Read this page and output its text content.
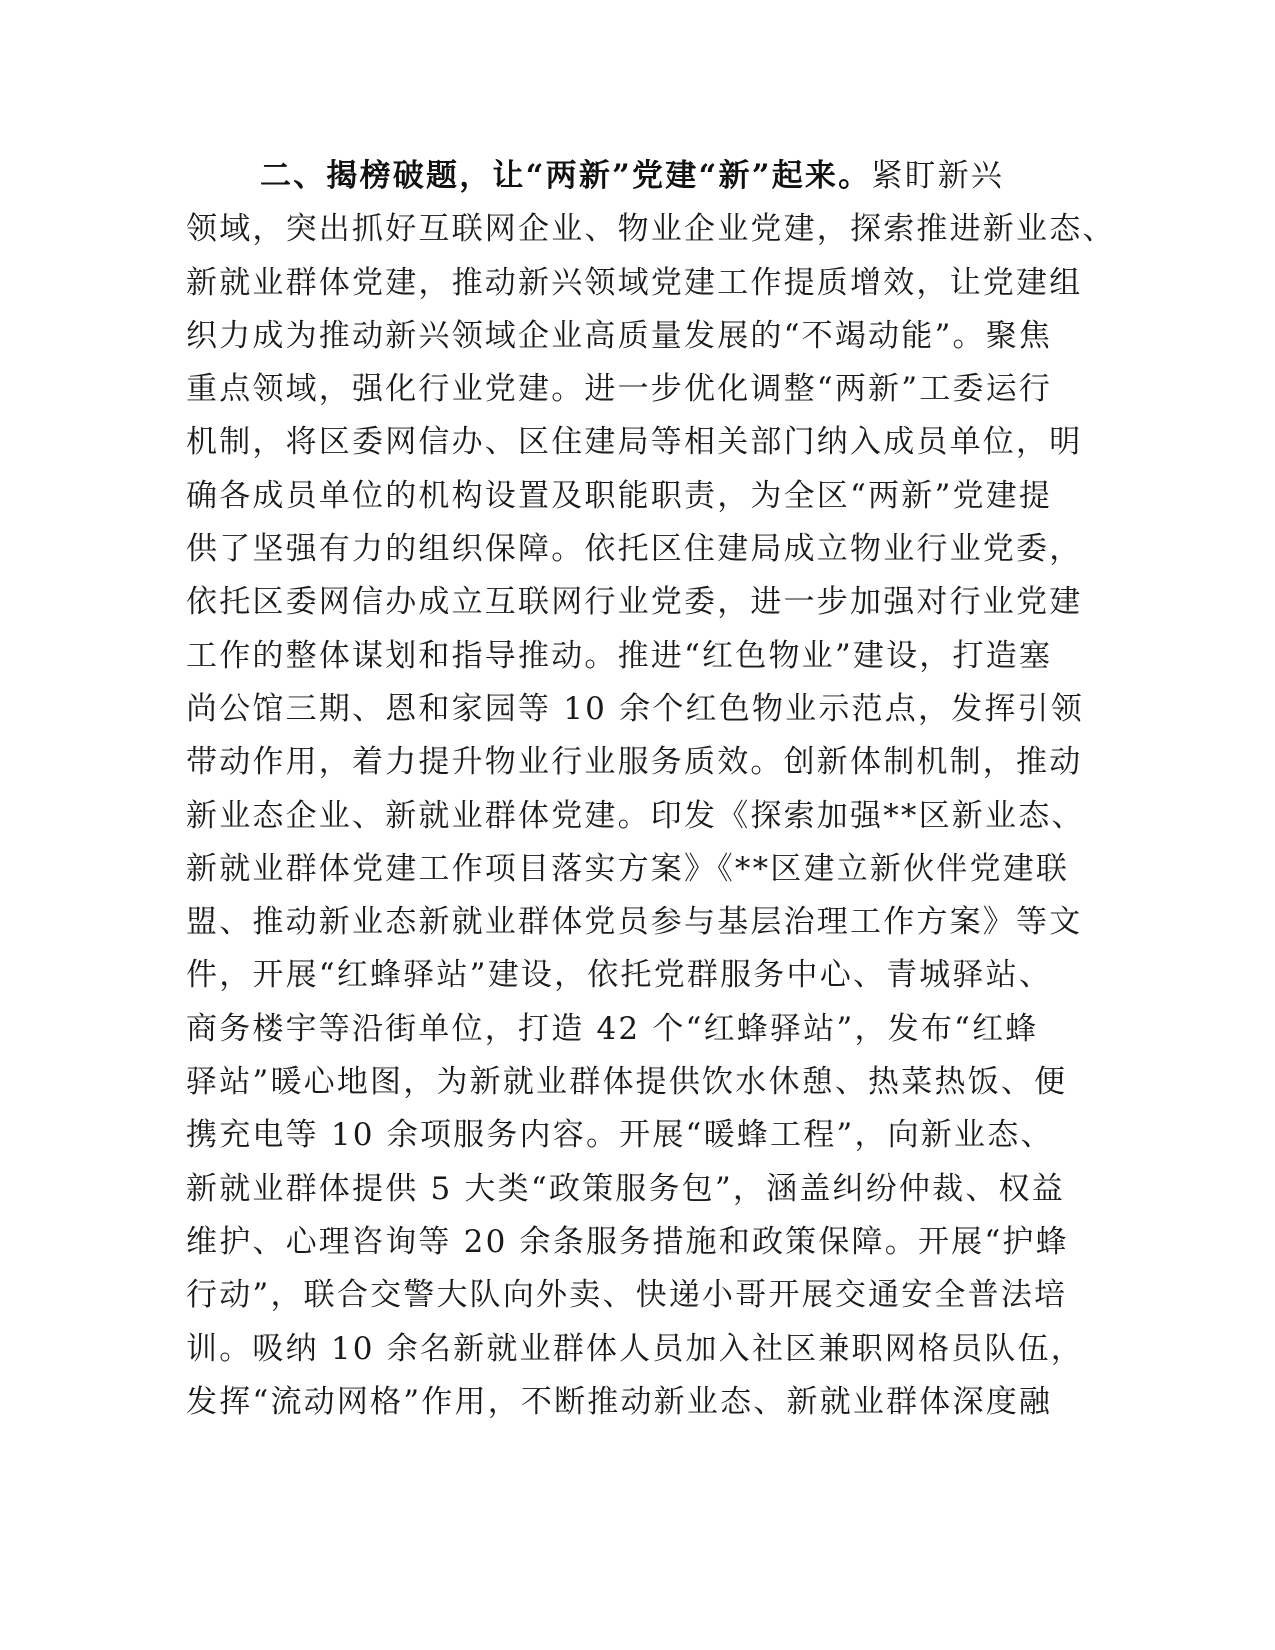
二、揭榜破题，让“两新”党建“新”起来。紧盯新兴
领域，突出抓好互联网企业、物业企业党建，探索推进新业态、
新就业群体党建，推动新兴领域党建工作提质增效，让党建组
织力成为推动新兴领域企业高质量发展的“不竭动能”。聚焦
重点领域，强化行业党建。进一步优化调整“两新”工委运行
机制，将区委网信办、区住建局等相关部门纳入成员单位，明
确各成员单位的机构设置及职能职责，为全区“两新”党建提
供了坚强有力的组织保障。依托区住建局成立物业行业党委，
依托区委网信办成立互联网行业党委，进一步加强对行业党建
工作的整体谋划和指导推动。推进“红色物业”建设，打造塞
尚公馆三期、恩和家园等 10 余个红色物业示范点，发挥引领
带动作用，着力提升物业行业服务质效。创新体制机制，推动
新业态企业、新就业群体党建。印发《探索加强**区新业态、
新就业群体党建工作项目落实方案》《**区建立新伙伴党建联
盟、推动新业态新就业群体党员参与基层治理工作方案》等文
件，开展“红蜂驿站”建设，依托党群服务中心、青城驿站、
商务楼宇等沿街单位，打造 42 个“红蜂驿站”，发布“红蜂
驿站”暖心地图，为新就业群体提供饮水休憩、热菜热饭、便
携充电等 10 余项服务内容。开展“暖蜂工程”，向新业态、
新就业群体提供 5 大类“政策服务包”，涵盖纠纷仲裁、权益
维护、心理咨询等 20 余条服务措施和政策保障。开展“护蜂
行动”，联合交警大队向外卖、快递小哥开展交通安全普法培
训。吸纳 10 余名新就业群体人员加入社区兼职网格员队伍，
发挥“流动网格”作用，不断推动新业态、新就业群体深度融
